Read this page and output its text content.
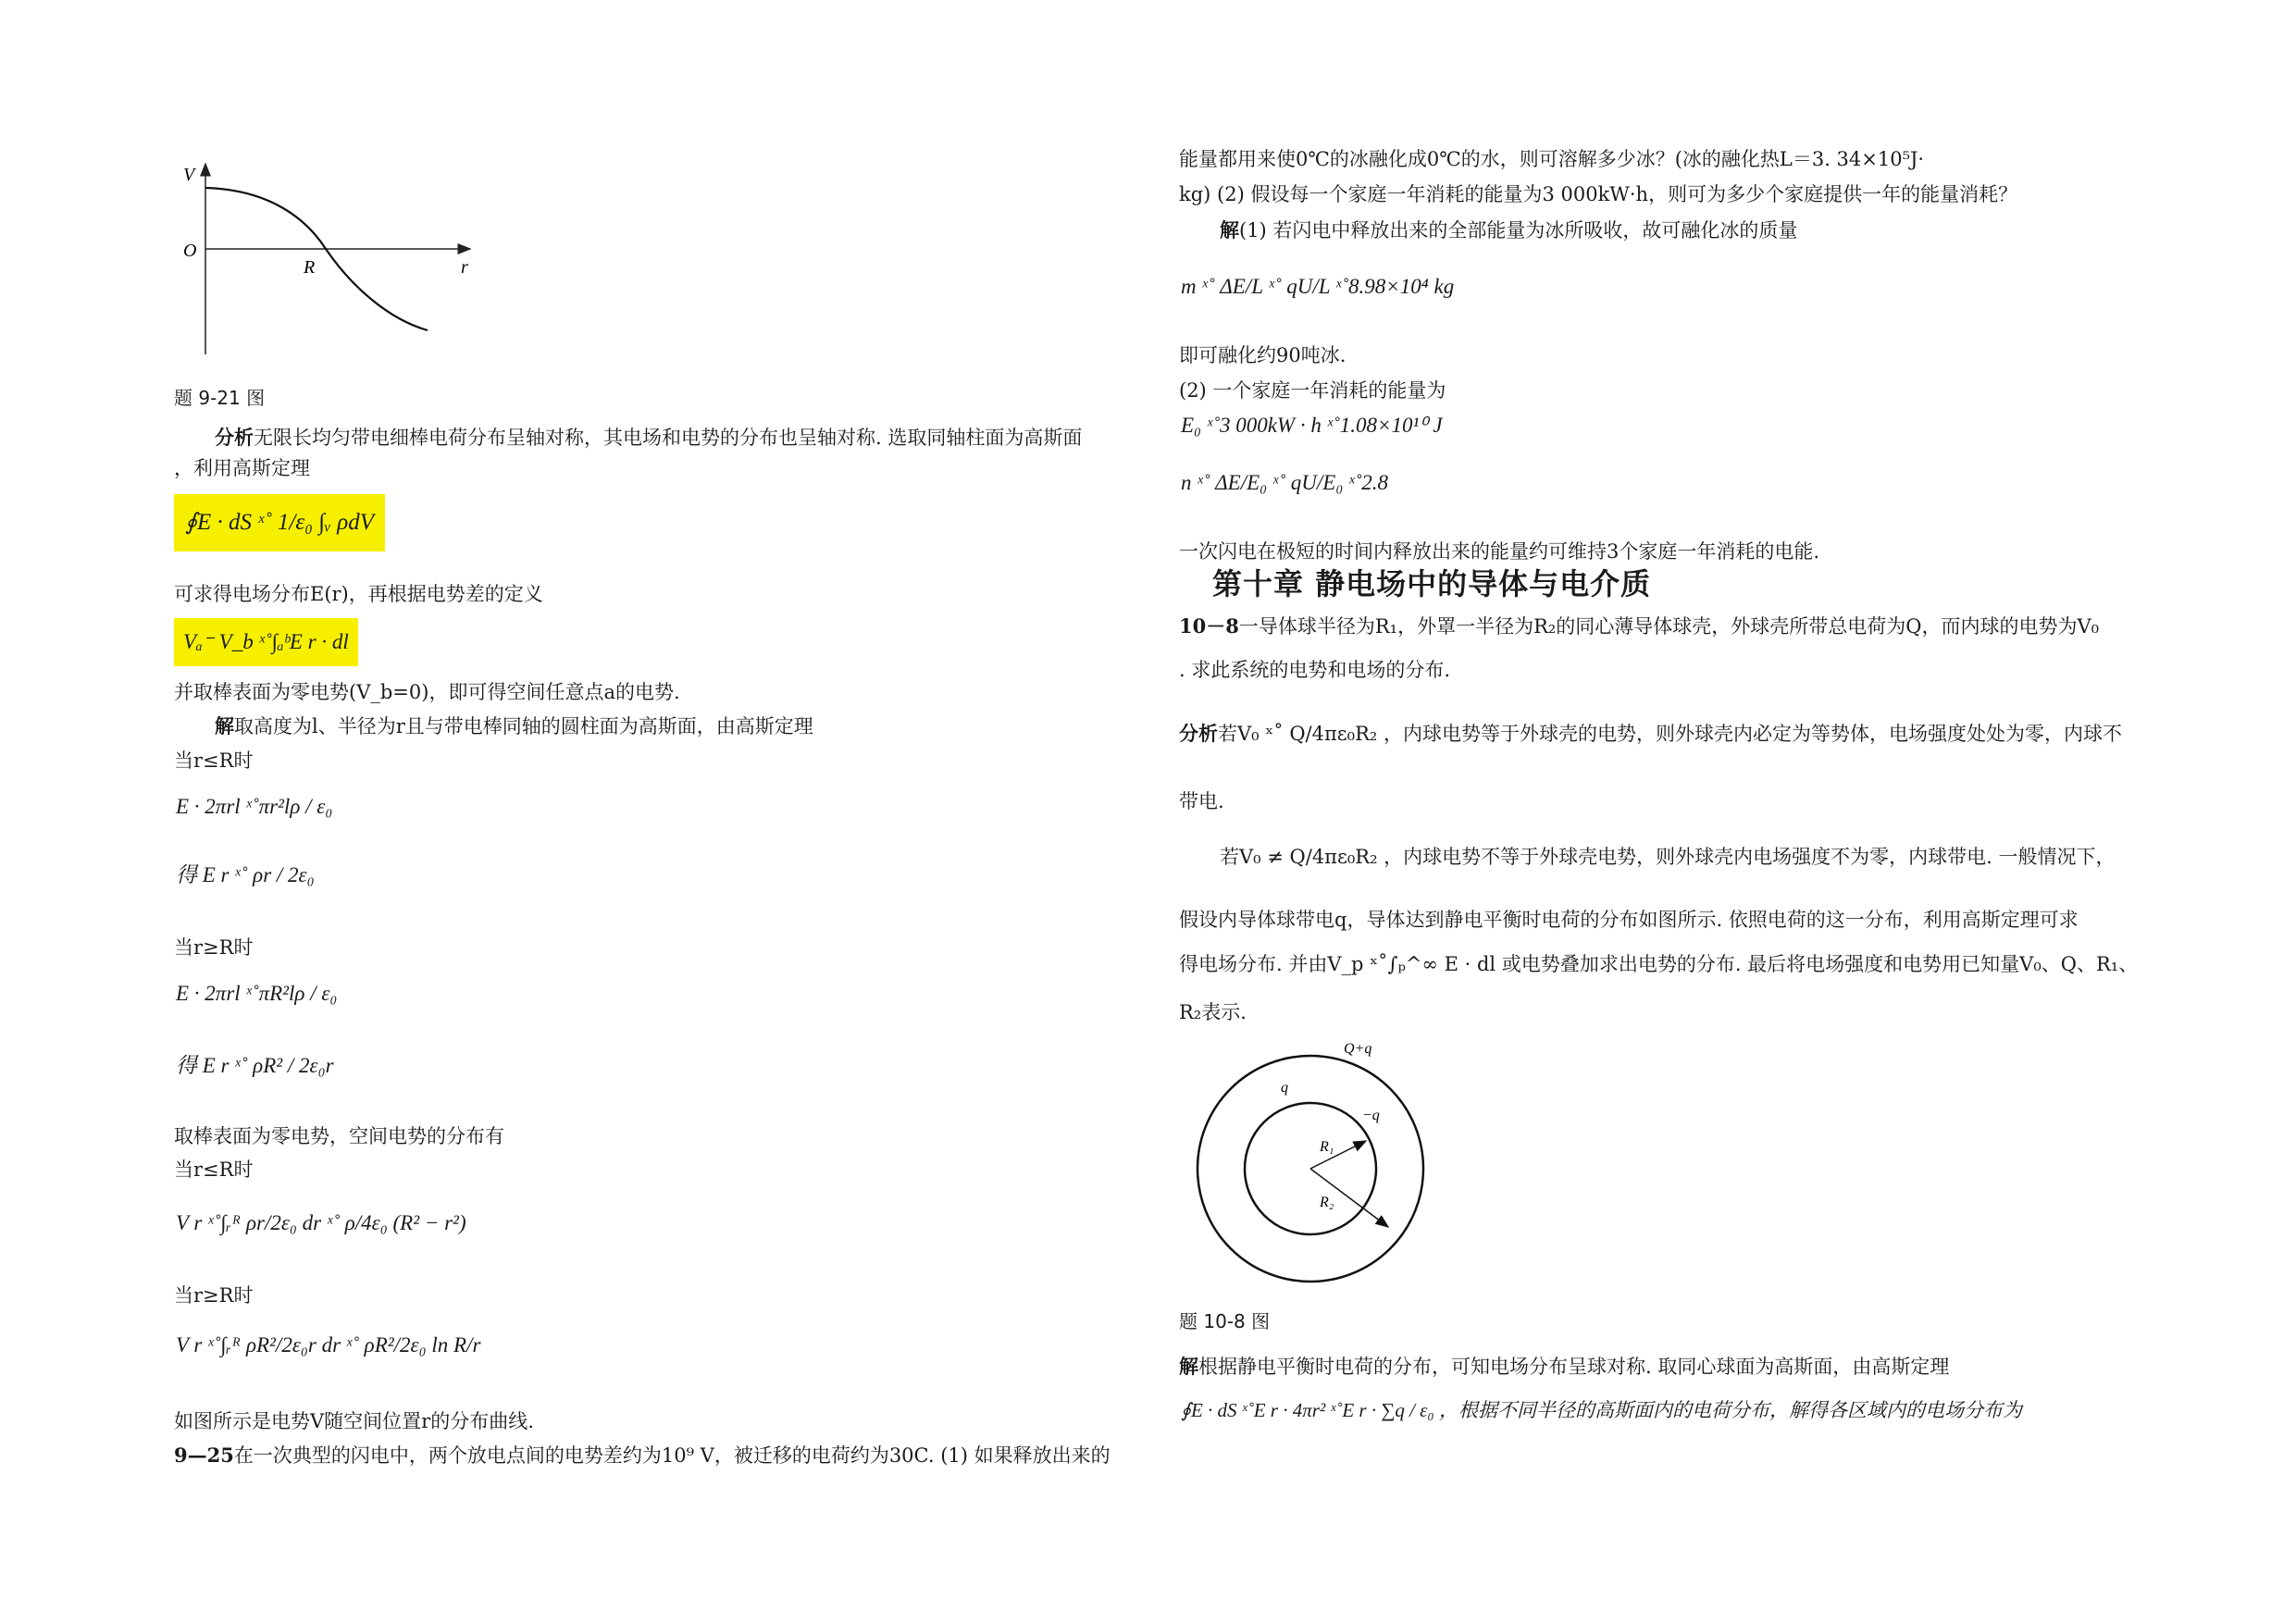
V
O
r
R
题 9-21 图
分析无限长均匀带电细棒电荷分布呈轴对称，其电场和电势的分布也呈轴对称. 选取同轴柱面为高斯面
，利用高斯定理
∮E · dS ˣ˚ 1/ε₀ ∫ᵥ ρdV
可求得电场分布E(r)，再根据电势差的定义
Vₐ⁻ V_b ˣ˚∫ₐᵇE r · dl
并取棒表面为零电势(V_b=0)，即可得空间任意点a的电势.
解取高度为l、半径为r且与带电棒同轴的圆柱面为高斯面，由高斯定理
当r≤R时
E · 2πrl ˣ˚πr²lρ / ε₀
得 E r ˣ˚ ρr / 2ε₀
当r≥R时
E · 2πrl ˣ˚πR²lρ / ε₀
得 E r ˣ˚ ρR² / 2ε₀r
取棒表面为零电势，空间电势的分布有
当r≤R时
V r ˣ˚∫ᵣᴿ ρr/2ε₀ dr ˣ˚ ρ/4ε₀ (R² − r²)
当r≥R时
V r ˣ˚∫ᵣᴿ ρR²/2ε₀r dr ˣ˚ ρR²/2ε₀ ln R/r
如图所示是电势V随空间位置r的分布曲线.
9—25在一次典型的闪电中，两个放电点间的电势差约为10⁹ V，被迁移的电荷约为30C. (1) 如果释放出来的
能量都用来使0℃的冰融化成0℃的水，则可溶解多少冰？(冰的融化热L＝3. 34×10⁵J·
kg) (2) 假设每一个家庭一年消耗的能量为3 000kW·h，则可为多少个家庭提供一年的能量消耗？
解(1) 若闪电中释放出来的全部能量为冰所吸收，故可融化冰的质量
m ˣ˚ ΔE/L ˣ˚ qU/L ˣ˚8.98×10⁴ kg
即可融化约90吨冰.
(2) 一个家庭一年消耗的能量为
E₀ ˣ˚3 000kW · h ˣ˚1.08×10¹⁰ J
n ˣ˚ ΔE/E₀ ˣ˚ qU/E₀ ˣ˚2.8
一次闪电在极短的时间内释放出来的能量约可维持3个家庭一年消耗的电能.
第十章 静电场中的导体与电介质
10－8一导体球半径为R₁，外罩一半径为R₂的同心薄导体球壳，外球壳所带总电荷为Q，而内球的电势为V₀
. 求此系统的电势和电场的分布.
分析若V₀ ˣ˚ Q/4πε₀R₂ ，内球电势等于外球壳的电势，则外球壳内必定为等势体，电场强度处处为零，内球不
带电.
若V₀ ≠ Q/4πε₀R₂ ，内球电势不等于外球壳电势，则外球壳内电场强度不为零，内球带电. 一般情况下，
假设内导体球带电q，导体达到静电平衡时电荷的分布如图所示. 依照电荷的这一分布，利用高斯定理可求
得电场分布. 并由V_p ˣ˚∫ₚ^∞ E · dl 或电势叠加求出电势的分布. 最后将电场强度和电势用已知量V₀、Q、R₁、
R₂表示.
Q+q
q
−q
R₁
R₂
题 10-8 图
解根据静电平衡时电荷的分布，可知电场分布呈球对称. 取同心球面为高斯面，由高斯定理
∮E · dS ˣ˚E r · 4πr² ˣ˚E r · ∑q / ε₀ ，根据不同半径的高斯面内的电荷分布，解得各区域内的电场分布为
